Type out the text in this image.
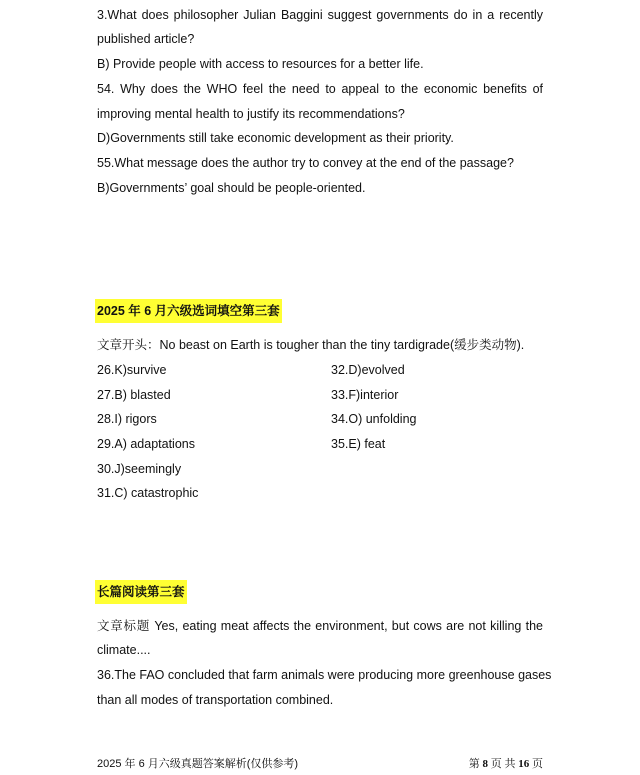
3.What does philosopher Julian Baggini suggest governments do in a recently
published article?
B) Provide people with access to resources for a better life.
54. Why does the WHO feel the need to appeal to the economic benefits of
improving mental health to justify its recommendations?
D)Governments still take economic development as their priority.
55.What message does the author try to convey at the end of the passage?
B)Governments’ goal should be people-oriented.
2025 年 6 月六级选词填空第三套
文章开头：No beast on Earth is tougher than the tiny tardigrade(缓步类动物).
26.K)survive
27.B) blasted
28.I) rigors
29.A) adaptations
30.J)seemingly
31.C) catastrophic
32.D)evolved
33.F)interior
34.O) unfolding
35.E) feat
长篇阅读第三套
文章标题 Yes, eating meat affects the environment, but cows are not killing the
climate....
36.The FAO concluded that farm animals were producing more greenhouse gases
than all modes of transportation combined.
2025 年 6 月六级真题答案解析(仅供参考)	第 8 页 共 16 页
